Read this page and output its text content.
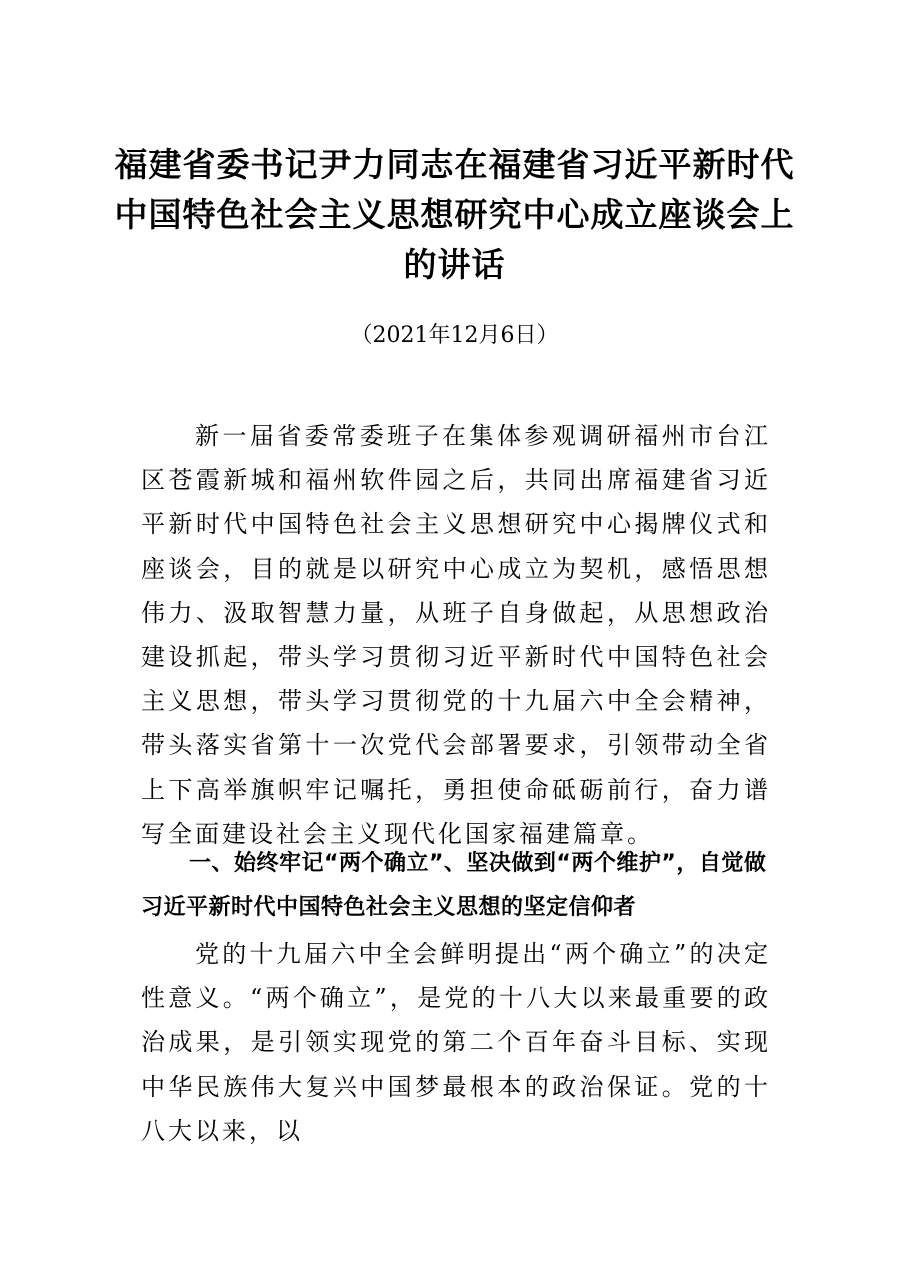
福建省委书记尹力同志在福建省习近平新时代中国特色社会主义思想研究中心成立座谈会上的讲话
（2021年12月6日）

新一届省委常委班子在集体参观调研福州市台江区苍霞新城和福州软件园之后，共同出席福建省习近平新时代中国特色社会主义思想研究中心揭牌仪式和座谈会，目的就是以研究中心成立为契机，感悟思想伟力、汲取智慧力量，从班子自身做起，从思想政治建设抓起，带头学习贯彻习近平新时代中国特色社会主义思想，带头学习贯彻党的十九届六中全会精神，带头落实省第十一次党代会部署要求，引领带动全省上下高举旗帜牢记嘱托，勇担使命砥砺前行，奋力谱写全面建设社会主义现代化国家福建篇章。

一、始终牢记“两个确立”、坚决做到“两个维护”，自觉做习近平新时代中国特色社会主义思想的坚定信仰者

党的十九届六中全会鲜明提出“两个确立”的决定性意义。“两个确立”，是党的十八大以来最重要的政治成果，是引领实现党的第二个百年奋斗目标、实现中华民族伟大复兴中国梦最根本的政治保证。党的十八大以来，以
